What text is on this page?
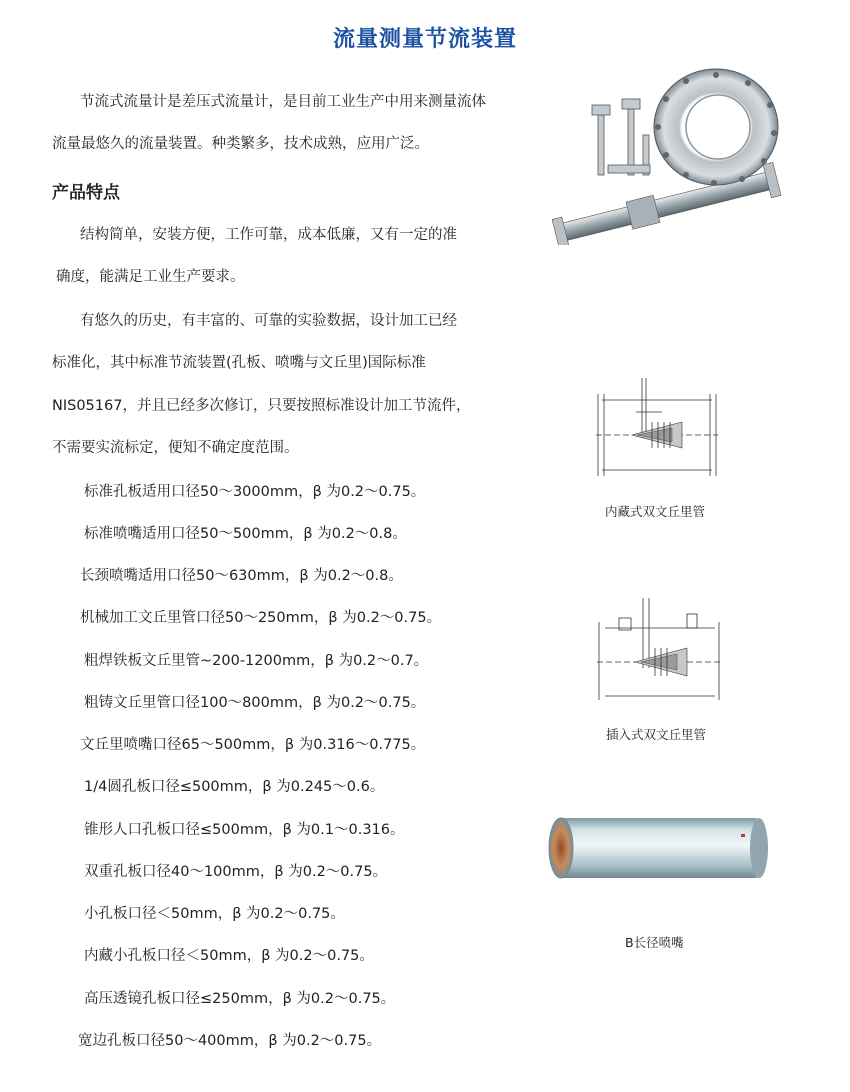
流量测量节流装置
节流式流量计是差压式流量计，是目前工业生产中用来测量流体
流量最悠久的流量装置。种类繁多，技术成熟，应用广泛。
产品特点
结构简单，安装方便，工作可靠，成本低廉，又有一定的准
确度，能满足工业生产要求。
有悠久的历史，有丰富的、可靠的实验数据，设计加工已经
标准化，其中标准节流装置(孔板、喷嘴与文丘里)国际标准
NIS05167，并且已经多次修订，只要按照标准设计加工节流件，
不需要实流标定，便知不确定度范围。
标准孔板适用口径50～3000mm，β 为0.2～0.75。
标准喷嘴适用口径50～500mm，β 为0.2～0.8。
长颈喷嘴适用口径50～630mm，β 为0.2～0.8。
机械加工文丘里管口径50～250mm，β 为0.2～0.75。
粗焊铁板文丘里管~200-1200mm，β 为0.2～0.7。
粗铸文丘里管口径100～800mm，β 为0.2～0.75。
文丘里喷嘴口径65～500mm，β 为0.316～0.775。
1/4圆孔板口径≤500mm，β 为0.245～0.6。
锥形人口孔板口径≤500mm，β 为0.1～0.316。
双重孔板口径40～100mm，β 为0.2～0.75。
小孔板口径＜50mm，β 为0.2～0.75。
内藏小孔板口径＜50mm，β 为0.2～0.75。
高压透镜孔板口径≤250mm，β 为0.2～0.75。
宽边孔板口径50～400mm，β 为0.2～0.75。
内藏式双文丘里管
插入式双文丘里管
B长径喷嘴
